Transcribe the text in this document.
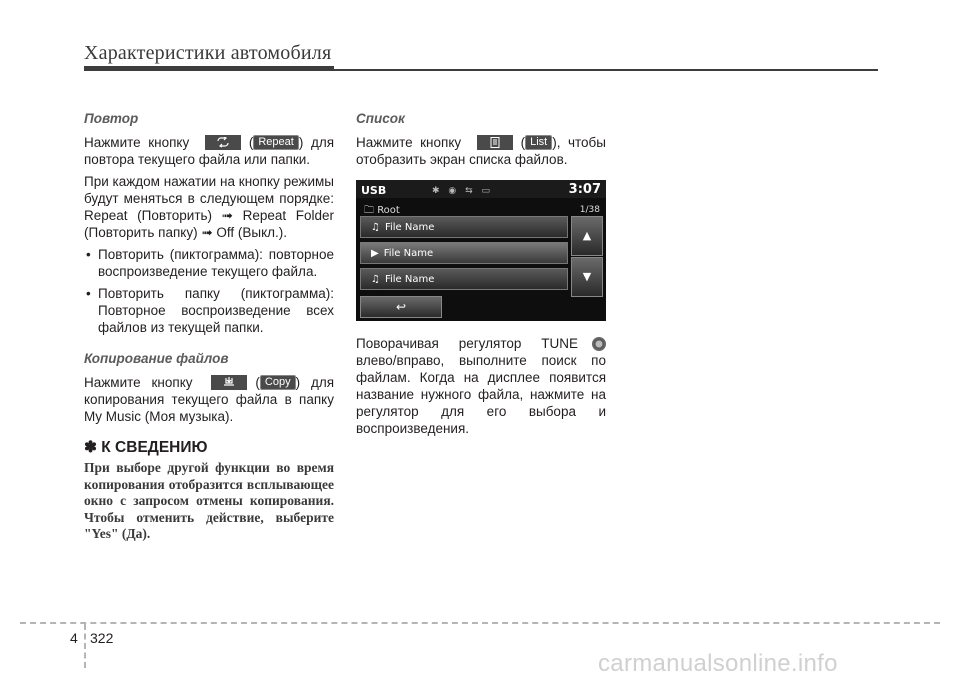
Характеристики автомобиля
Повтор
Нажмите кнопку	( Repeat ) для повтора текущего файла или папки.
При каждом нажатии на кнопку режимы будут меняться в следующем порядке: Repeat (Повторить) ➟ Repeat Folder (Повторить папку) ➟ Off (Выкл.).
• Повторить (пиктограмма): повторное воспроизведение текущего файла.
• Повторить папку (пиктограмма): Повторное воспроизведение всех файлов из текущей папки.
Копирование файлов
Нажмите кнопку	( Copy ) для копирования текущего файла в папку My Music (Моя музыка).
✽ К СВЕДЕНИЮ
При выборе другой функции во время копирования отобразится всплывающее окно с запросом отмены копирования. Чтобы отменить действие, выберите "Yes" (Да).
Список
Нажмите кнопку	( List ), чтобы отобразить экран списка файлов.
USB	✱ ◉ ⇆ ▭	3:07
🗀 Root	1/38
♫ File Name
▶ File Name
♫ File Name
▲
▼
↩
Поворачивая регулятор TUNE влево/вправо, выполните поиск по файлам. Когда на дисплее появится название нужного файла, нажмите на регулятор для его выбора и воспроизведения.
4 322
carmanualsonline.info
